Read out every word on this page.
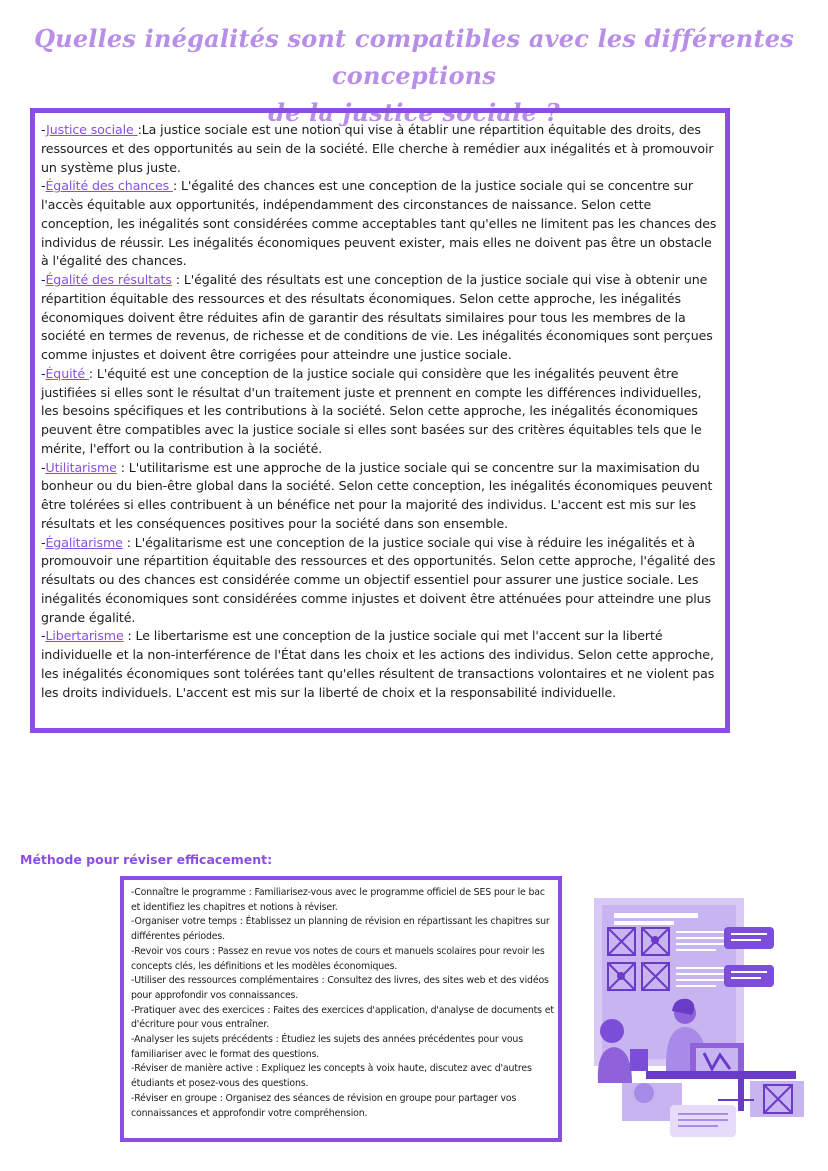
Quelles inégalités sont compatibles avec les différentes conceptions
de la justice sociale ?

-Justice sociale :La justice sociale est une notion qui vise à établir une répartition équitable des droits, des ressources et des opportunités au sein de la société. Elle cherche à remédier aux inégalités et à promouvoir un système plus juste.

-Égalité des chances : L'égalité des chances est une conception de la justice sociale qui se concentre sur l'accès équitable aux opportunités, indépendamment des circonstances de naissance. Selon cette conception, les inégalités sont considérées comme acceptables tant qu'elles ne limitent pas les chances des individus de réussir. Les inégalités économiques peuvent exister, mais elles ne doivent pas être un obstacle à l'égalité des chances.

-Égalité des résultats : L'égalité des résultats est une conception de la justice sociale qui vise à obtenir une répartition équitable des ressources et des résultats économiques. Selon cette approche, les inégalités économiques doivent être réduites afin de garantir des résultats similaires pour tous les membres de la société en termes de revenus, de richesse et de conditions de vie. Les inégalités économiques sont perçues comme injustes et doivent être corrigées pour atteindre une justice sociale.

-Équité : L'équité est une conception de la justice sociale qui considère que les inégalités peuvent être justifiées si elles sont le résultat d'un traitement juste et prennent en compte les différences individuelles, les besoins spécifiques et les contributions à la société. Selon cette approche, les inégalités économiques peuvent être compatibles avec la justice sociale si elles sont basées sur des critères équitables tels que le mérite, l'effort ou la contribution à la société.

-Utilitarisme : L'utilitarisme est une approche de la justice sociale qui se concentre sur la maximisation du bonheur ou du bien-être global dans la société. Selon cette conception, les inégalités économiques peuvent être tolérées si elles contribuent à un bénéfice net pour la majorité des individus. L'accent est mis sur les résultats et les conséquences positives pour la société dans son ensemble.

-Égalitarisme : L'égalitarisme est une conception de la justice sociale qui vise à réduire les inégalités et à promouvoir une répartition équitable des ressources et des opportunités. Selon cette approche, l'égalité des résultats ou des chances est considérée comme un objectif essentiel pour assurer une justice sociale. Les inégalités économiques sont considérées comme injustes et doivent être atténuées pour atteindre une plus grande égalité.

-Libertarisme : Le libertarisme est une conception de la justice sociale qui met l'accent sur la liberté individuelle et la non-interférence de l'État dans les choix et les actions des individus. Selon cette approche, les inégalités économiques sont tolérées tant qu'elles résultent de transactions volontaires et ne violent pas les droits individuels. L'accent est mis sur la liberté de choix et la responsabilité individuelle.

Méthode pour réviser efficacement:

-Connaître le programme : Familiarisez-vous avec le programme officiel de SES pour le bac et identifiez les chapitres et notions à réviser.

-Organiser votre temps : Établissez un planning de révision en répartissant les chapitres sur différentes périodes.

-Revoir vos cours : Passez en revue vos notes de cours et manuels scolaires pour revoir les concepts clés, les définitions et les modèles économiques.

-Utiliser des ressources complémentaires : Consultez des livres, des sites web et des vidéos pour approfondir vos connaissances.

-Pratiquer avec des exercices : Faites des exercices d'application, d'analyse de documents et d'écriture pour vous entraîner.

-Analyser les sujets précédents : Étudiez les sujets des années précédentes pour vous familiariser avec le format des questions.

-Réviser de manière active : Expliquez les concepts à voix haute, discutez avec d'autres étudiants et posez-vous des questions.

-Réviser en groupe : Organisez des séances de révision en groupe pour partager vos connaissances et approfondir votre compréhension.
